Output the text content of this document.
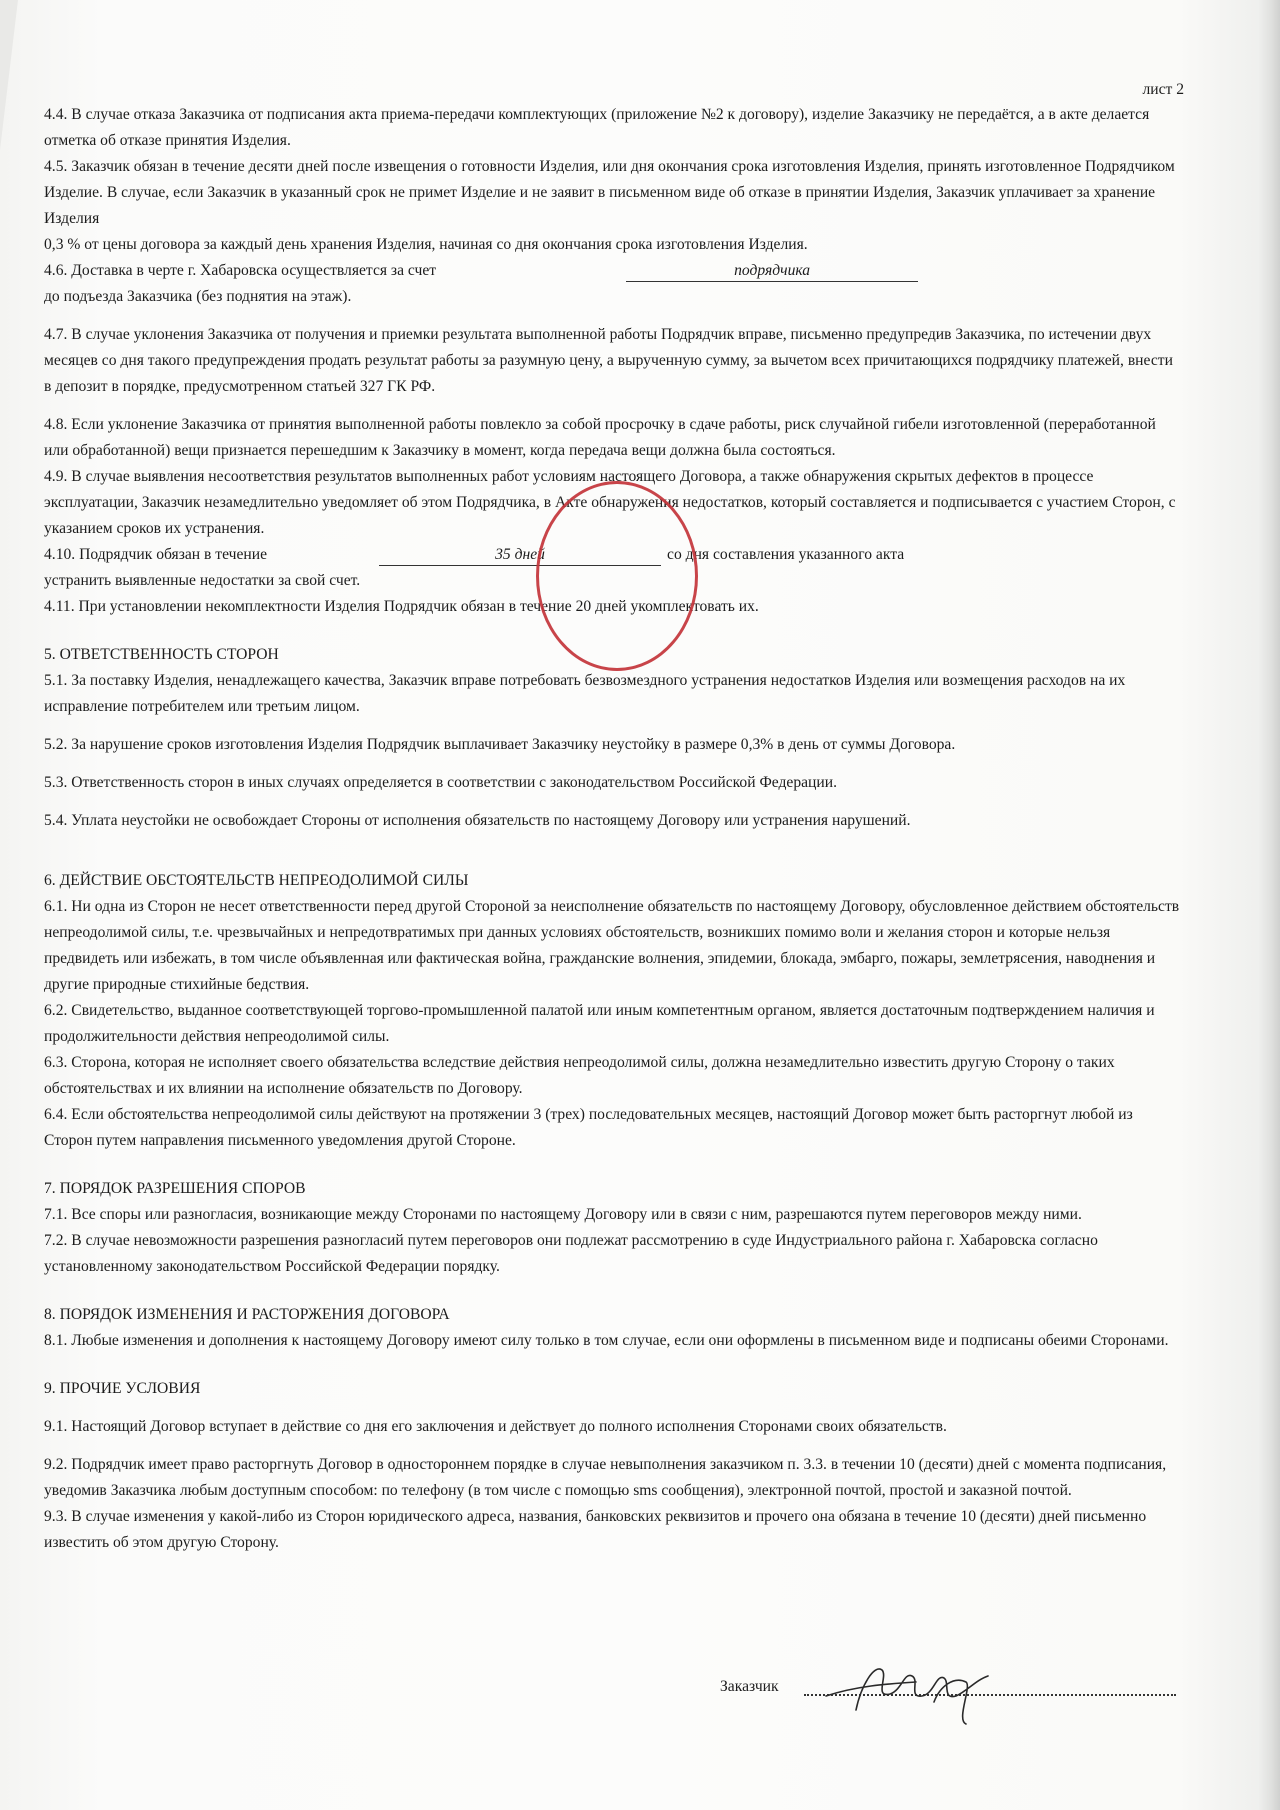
лист 2

4.4. В случае отказа Заказчика от подписания акта приема-передачи комплектующих (приложение №2 к договору), изделие Заказчику не передаётся, а в акте делается отметка об отказе принятия Изделия.

4.5. Заказчик обязан в течение десяти дней после извещения о готовности Изделия, или дня окончания срока изготовления Изделия, принять изготовленное Подрядчиком Изделие. В случае, если Заказчик в указанный срок не примет Изделие и не заявит в письменном виде об отказе в принятии Изделия, Заказчик уплачивает за хранение Изделия

0,3 % от цены договора за каждый день хранения Изделия, начиная со дня окончания срока изготовления Изделия.

4.6. Доставка в черте г. Хабаровска осуществляется за счет	подрядчика

до подъезда Заказчика (без поднятия на этаж).

4.7. В случае уклонения Заказчика от получения и приемки результата выполненной работы Подрядчик вправе, письменно предупредив Заказчика, по истечении двух месяцев со дня такого предупреждения продать результат работы за разумную цену, а вырученную сумму, за вычетом всех причитающихся подрядчику платежей, внести в депозит в порядке, предусмотренном статьей 327 ГК РФ.

4.8. Если уклонение Заказчика от принятия выполненной работы повлекло за собой просрочку в сдаче работы, риск случайной гибели изготовленной (переработанной или обработанной) вещи признается перешедшим к Заказчику в момент, когда передача вещи должна была состояться.

4.9. В случае выявления несоответствия результатов выполненных работ условиям настоящего Договора, а также обнаружения скрытых дефектов в процессе эксплуатации, Заказчик незамедлительно уведомляет об этом Подрядчика, в Акте обнаружения недостатков, который составляется и подписывается с участием Сторон, с указанием сроков их устранения.

4.10. Подрядчик обязан в течение	35 дней	со дня составления указанного акта

устранить выявленные недостатки за свой счет.

4.11. При установлении некомплектности Изделия Подрядчик обязан в течение 20 дней укомплектовать их.

5. ОТВЕТСТВЕННОСТЬ СТОРОН

5.1. За поставку Изделия, ненадлежащего качества, Заказчик вправе потребовать безвозмездного устранения недостатков Изделия или возмещения расходов на их исправление потребителем или третьим лицом.

5.2. За нарушение сроков изготовления Изделия Подрядчик выплачивает Заказчику неустойку в размере 0,3% в день от суммы Договора.

5.3. Ответственность сторон в иных случаях определяется в соответствии с законодательством Российской Федерации.

5.4. Уплата неустойки не освобождает Стороны от исполнения обязательств по настоящему Договору или устранения нарушений.

6. ДЕЙСТВИЕ ОБСТОЯТЕЛЬСТВ НЕПРЕОДОЛИМОЙ СИЛЫ

6.1. Ни одна из Сторон не несет ответственности перед другой Стороной за неисполнение обязательств по настоящему Договору, обусловленное действием обстоятельств непреодолимой силы, т.е. чрезвычайных и непредотвратимых при данных условиях обстоятельств, возникших помимо воли и желания сторон и которые нельзя предвидеть или избежать, в том числе объявленная или фактическая война, гражданские волнения, эпидемии, блокада, эмбарго, пожары, землетрясения, наводнения и другие природные стихийные бедствия.

6.2. Свидетельство, выданное соответствующей торгово-промышленной палатой или иным компетентным органом, является достаточным подтверждением наличия и продолжительности действия непреодолимой силы.

6.3. Сторона, которая не исполняет своего обязательства вследствие действия непреодолимой силы, должна незамедлительно известить другую Сторону о таких обстоятельствах и их влиянии на исполнение обязательств по Договору.

6.4. Если обстоятельства непреодолимой силы действуют на протяжении 3 (трех) последовательных месяцев, настоящий Договор может быть расторгнут любой из Сторон путем направления письменного уведомления другой Стороне.

7. ПОРЯДОК РАЗРЕШЕНИЯ СПОРОВ

7.1. Все споры или разногласия, возникающие между Сторонами по настоящему Договору или в связи с ним, разрешаются путем переговоров между ними.

7.2. В случае невозможности разрешения разногласий путем переговоров они подлежат рассмотрению в суде Индустриального района г. Хабаровска согласно установленному законодательством Российской Федерации порядку.

8. ПОРЯДОК ИЗМЕНЕНИЯ И РАСТОРЖЕНИЯ ДОГОВОРА

8.1. Любые изменения и дополнения к настоящему Договору имеют силу только в том случае, если они оформлены в письменном виде и подписаны обеими Сторонами.

9. ПРОЧИЕ УСЛОВИЯ

9.1. Настоящий Договор вступает в действие со дня его заключения и действует до полного исполнения Сторонами своих обязательств.

9.2. Подрядчик имеет право расторгнуть Договор в одностороннем порядке в случае невыполнения заказчиком п. 3.3. в течении 10 (десяти) дней с момента подписания, уведомив Заказчика любым доступным способом: по телефону (в том числе с помощью sms сообщения), электронной почтой, простой и заказной почтой.

9.3. В случае изменения у какой-либо из Сторон юридического адреса, названия, банковских реквизитов и прочего она обязана в течение 10 (десяти) дней письменно известить об этом другую Сторону.

Заказчик
